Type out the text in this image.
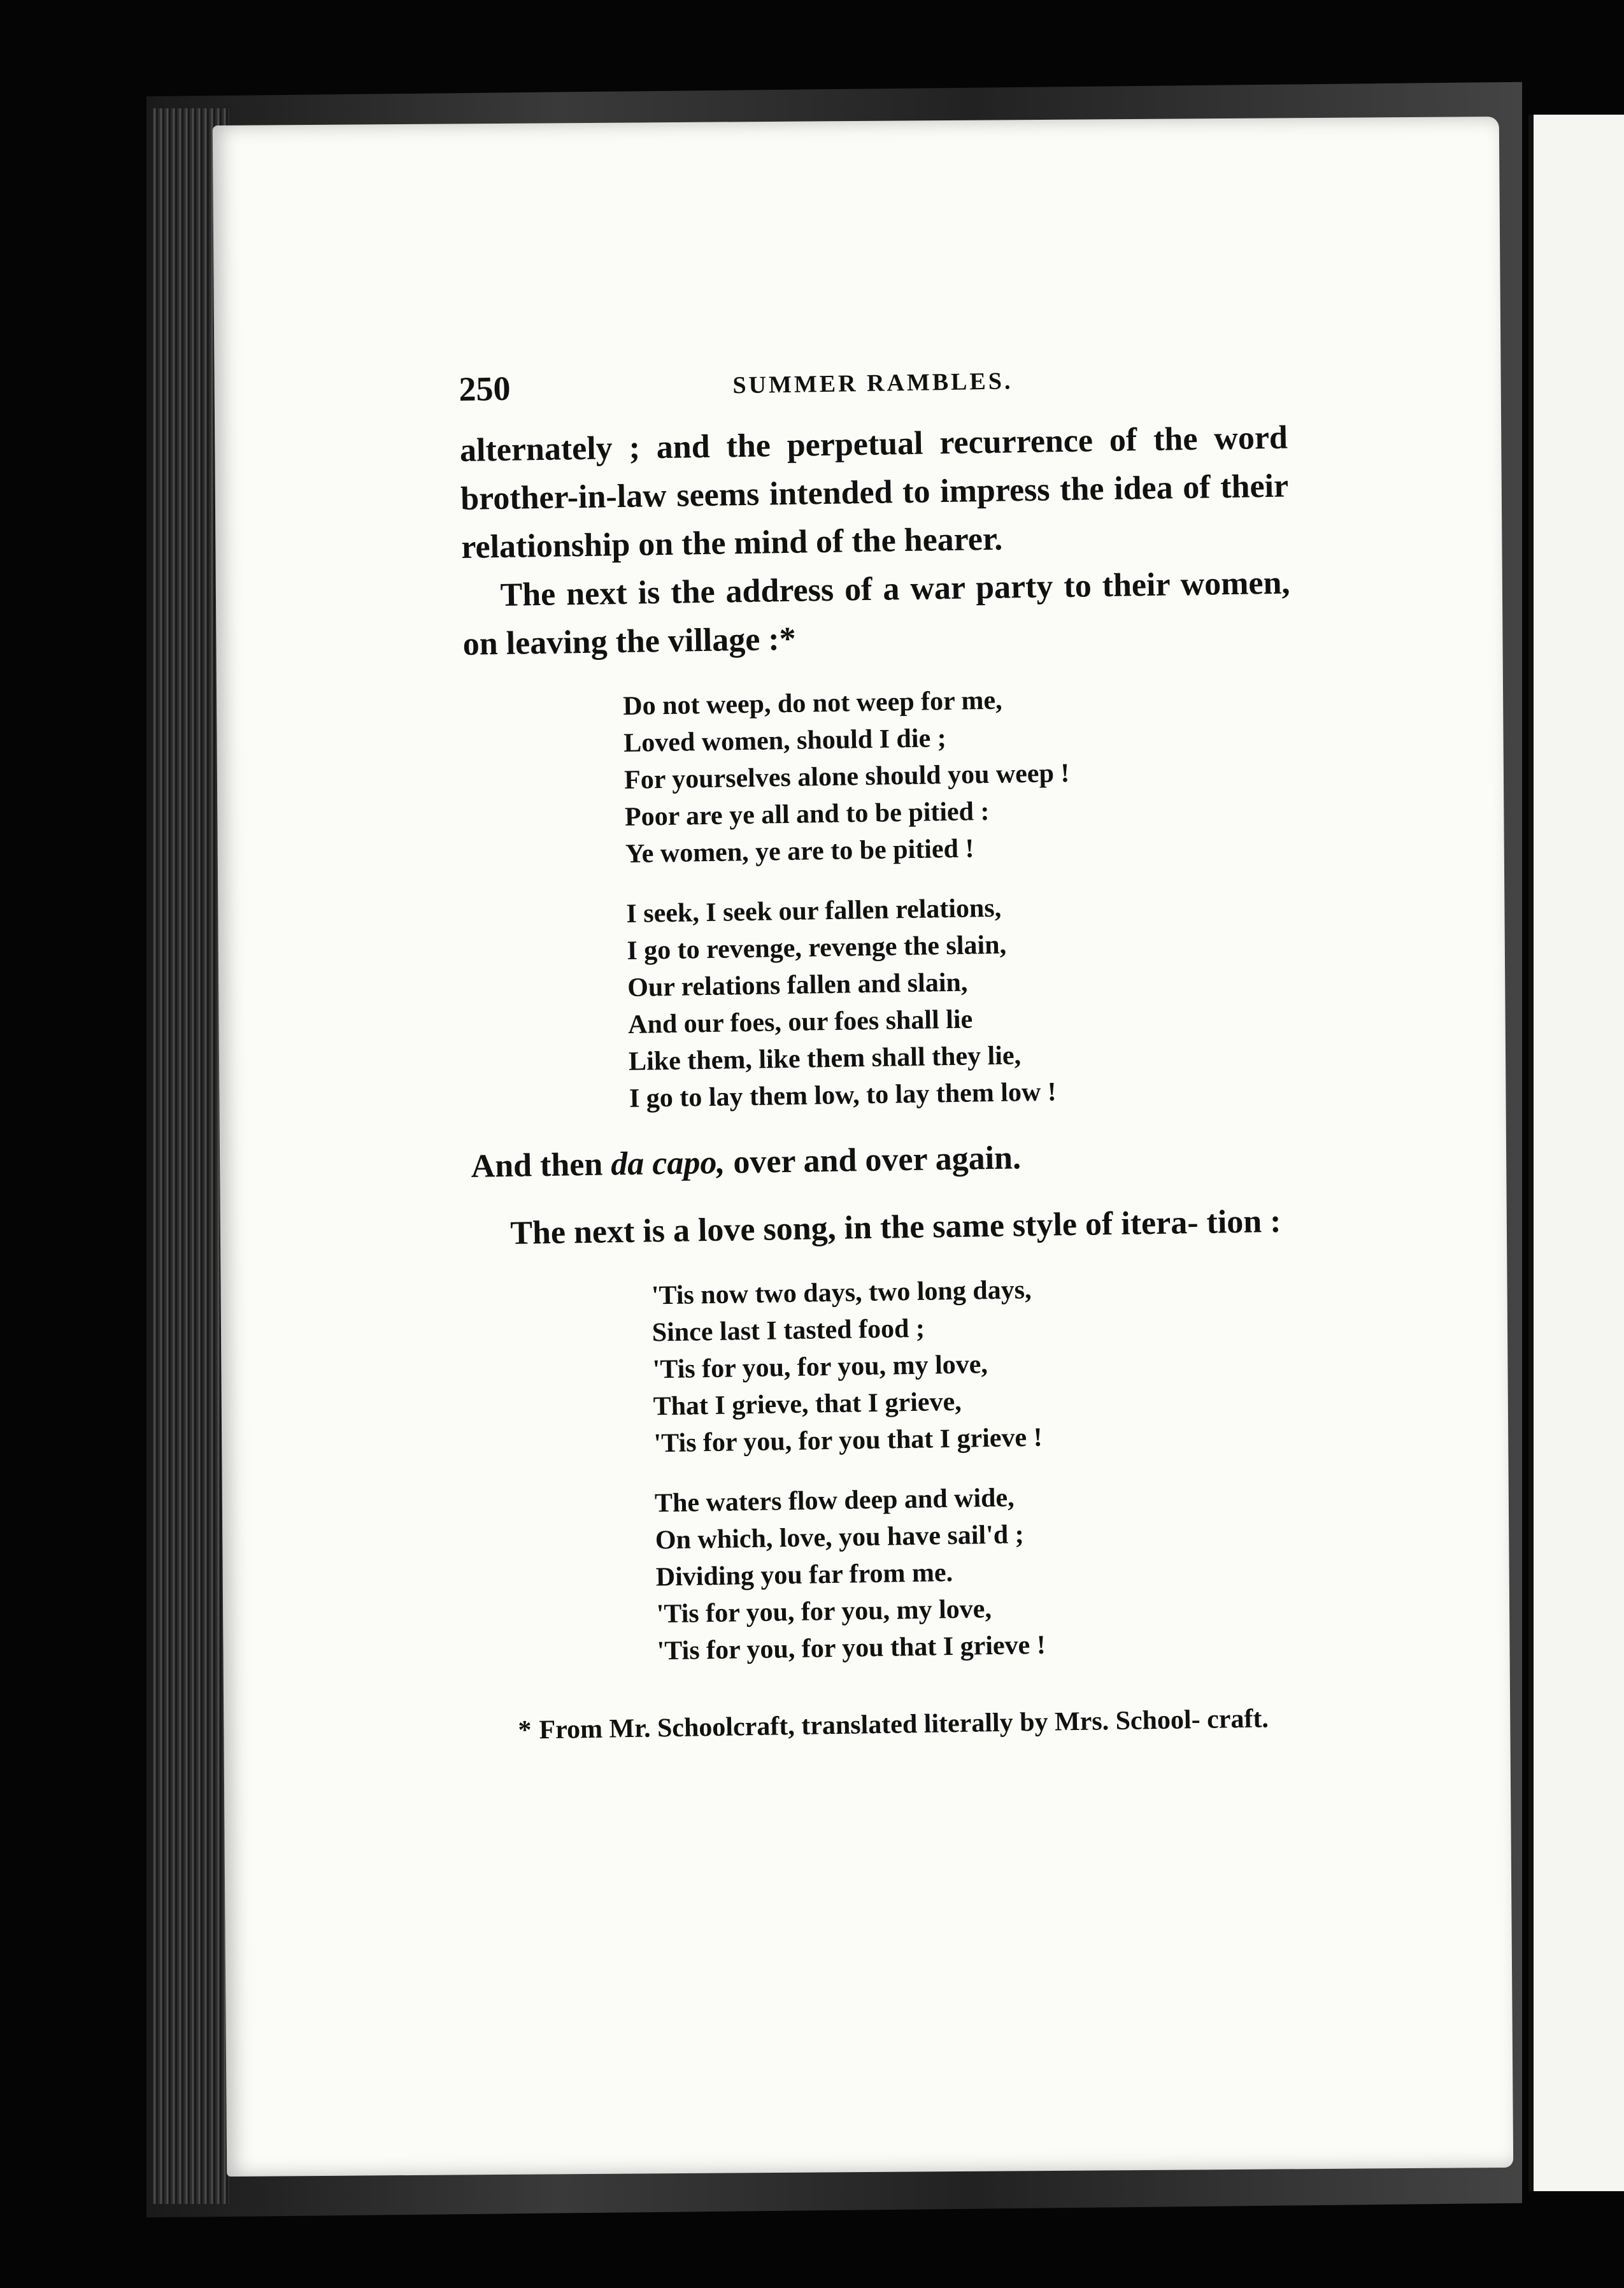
250	SUMMER RAMBLES.

alternately ; and the perpetual recurrence of the word brother-in-law seems intended to impress the idea of their relationship on the mind of the hearer.

The next is the address of a war party to their women, on leaving the village :*

Do not weep, do not weep for me,
Loved women, should I die ;
For yourselves alone should you weep !
Poor are ye all and to be pitied :
Ye women, ye are to be pitied !
I seek, I seek our fallen relations,
I go to revenge, revenge the slain,
Our relations fallen and slain,
And our foes, our foes shall lie
Like them, like them shall they lie,
I go to lay them low, to lay them low !

And then da capo, over and over again.

The next is a love song, in the same style of itera- tion :

'Tis now two days, two long days,
Since last I tasted food ;
'Tis for you, for you, my love,
That I grieve, that I grieve,
'Tis for you, for you that I grieve !
The waters flow deep and wide,
On which, love, you have sail'd ;
Dividing you far from me.
'Tis for you, for you, my love,
'Tis for you, for you that I grieve !

* From Mr. Schoolcraft, translated literally by Mrs. School- craft.
